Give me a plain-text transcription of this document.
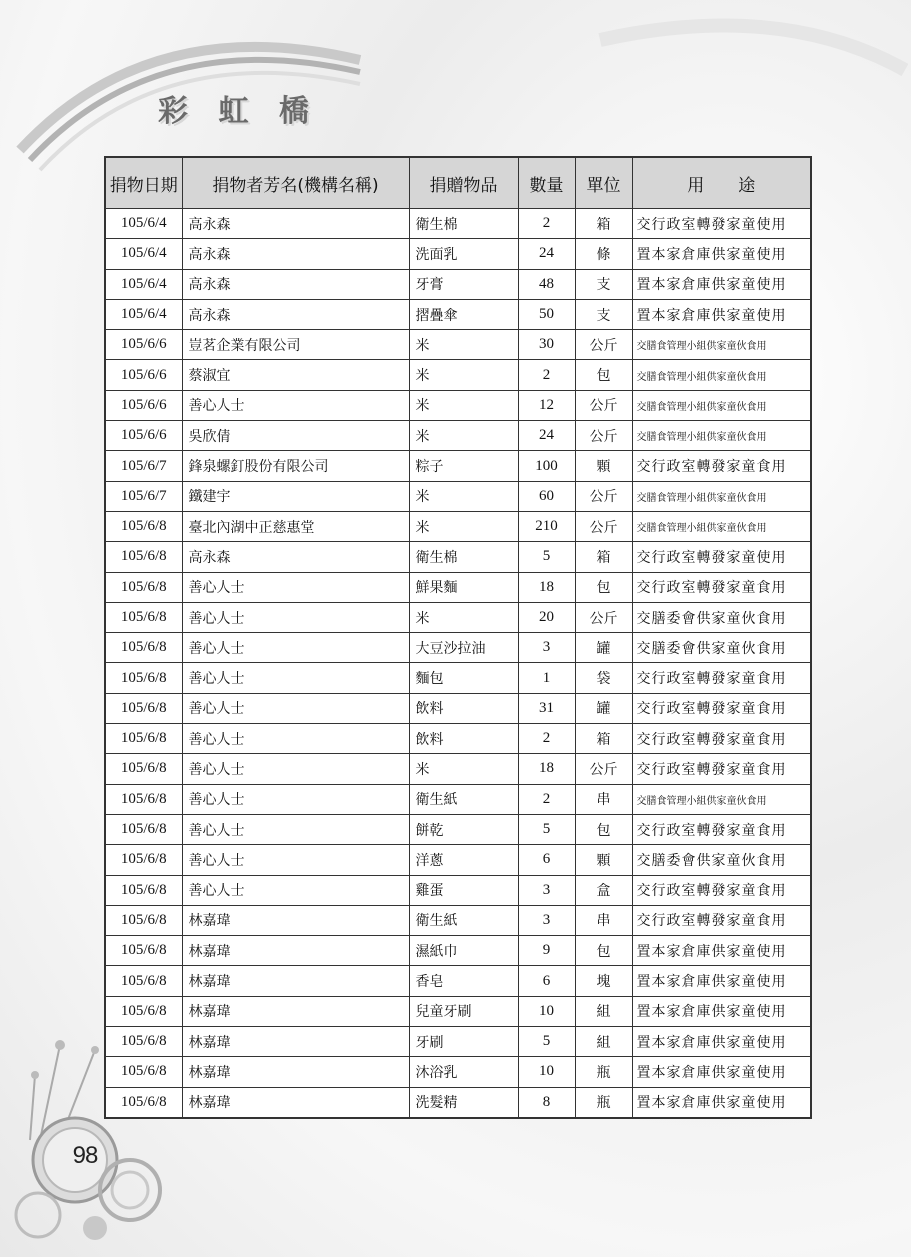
彩 虹 橋
捐物日期	捐物者芳名(機構名稱)	捐贈物品	數量	單位	用　　途
105/6/4	高永森	衛生棉	2	箱	交行政室轉發家童使用
105/6/4	高永森	洗面乳	24	條	置本家倉庫供家童使用
105/6/4	高永森	牙膏	48	支	置本家倉庫供家童使用
105/6/4	高永森	摺疊傘	50	支	置本家倉庫供家童使用
105/6/6	豈茗企業有限公司	米	30	公斤	交膳食管理小組供家童伙食用
105/6/6	蔡淑宜	米	2	包	交膳食管理小組供家童伙食用
105/6/6	善心人士	米	12	公斤	交膳食管理小組供家童伙食用
105/6/6	吳欣倩	米	24	公斤	交膳食管理小組供家童伙食用
105/6/7	鋒泉螺釘股份有限公司	粽子	100	顆	交行政室轉發家童食用
105/6/7	鐵建宇	米	60	公斤	交膳食管理小組供家童伙食用
105/6/8	臺北內湖中正慈惠堂	米	210	公斤	交膳食管理小組供家童伙食用
105/6/8	高永森	衛生棉	5	箱	交行政室轉發家童使用
105/6/8	善心人士	鮮果麵	18	包	交行政室轉發家童食用
105/6/8	善心人士	米	20	公斤	交膳委會供家童伙食用
105/6/8	善心人士	大豆沙拉油	3	罐	交膳委會供家童伙食用
105/6/8	善心人士	麵包	1	袋	交行政室轉發家童食用
105/6/8	善心人士	飲料	31	罐	交行政室轉發家童食用
105/6/8	善心人士	飲料	2	箱	交行政室轉發家童食用
105/6/8	善心人士	米	18	公斤	交行政室轉發家童食用
105/6/8	善心人士	衛生紙	2	串	交膳食管理小組供家童伙食用
105/6/8	善心人士	餅乾	5	包	交行政室轉發家童食用
105/6/8	善心人士	洋蔥	6	顆	交膳委會供家童伙食用
105/6/8	善心人士	雞蛋	3	盒	交行政室轉發家童食用
105/6/8	林嘉瑋	衛生紙	3	串	交行政室轉發家童食用
105/6/8	林嘉瑋	濕紙巾	9	包	置本家倉庫供家童使用
105/6/8	林嘉瑋	香皂	6	塊	置本家倉庫供家童使用
105/6/8	林嘉瑋	兒童牙刷	10	組	置本家倉庫供家童使用
105/6/8	林嘉瑋	牙刷	5	組	置本家倉庫供家童使用
105/6/8	林嘉瑋	沐浴乳	10	瓶	置本家倉庫供家童使用
105/6/8	林嘉瑋	洗髮精	8	瓶	置本家倉庫供家童使用
98
